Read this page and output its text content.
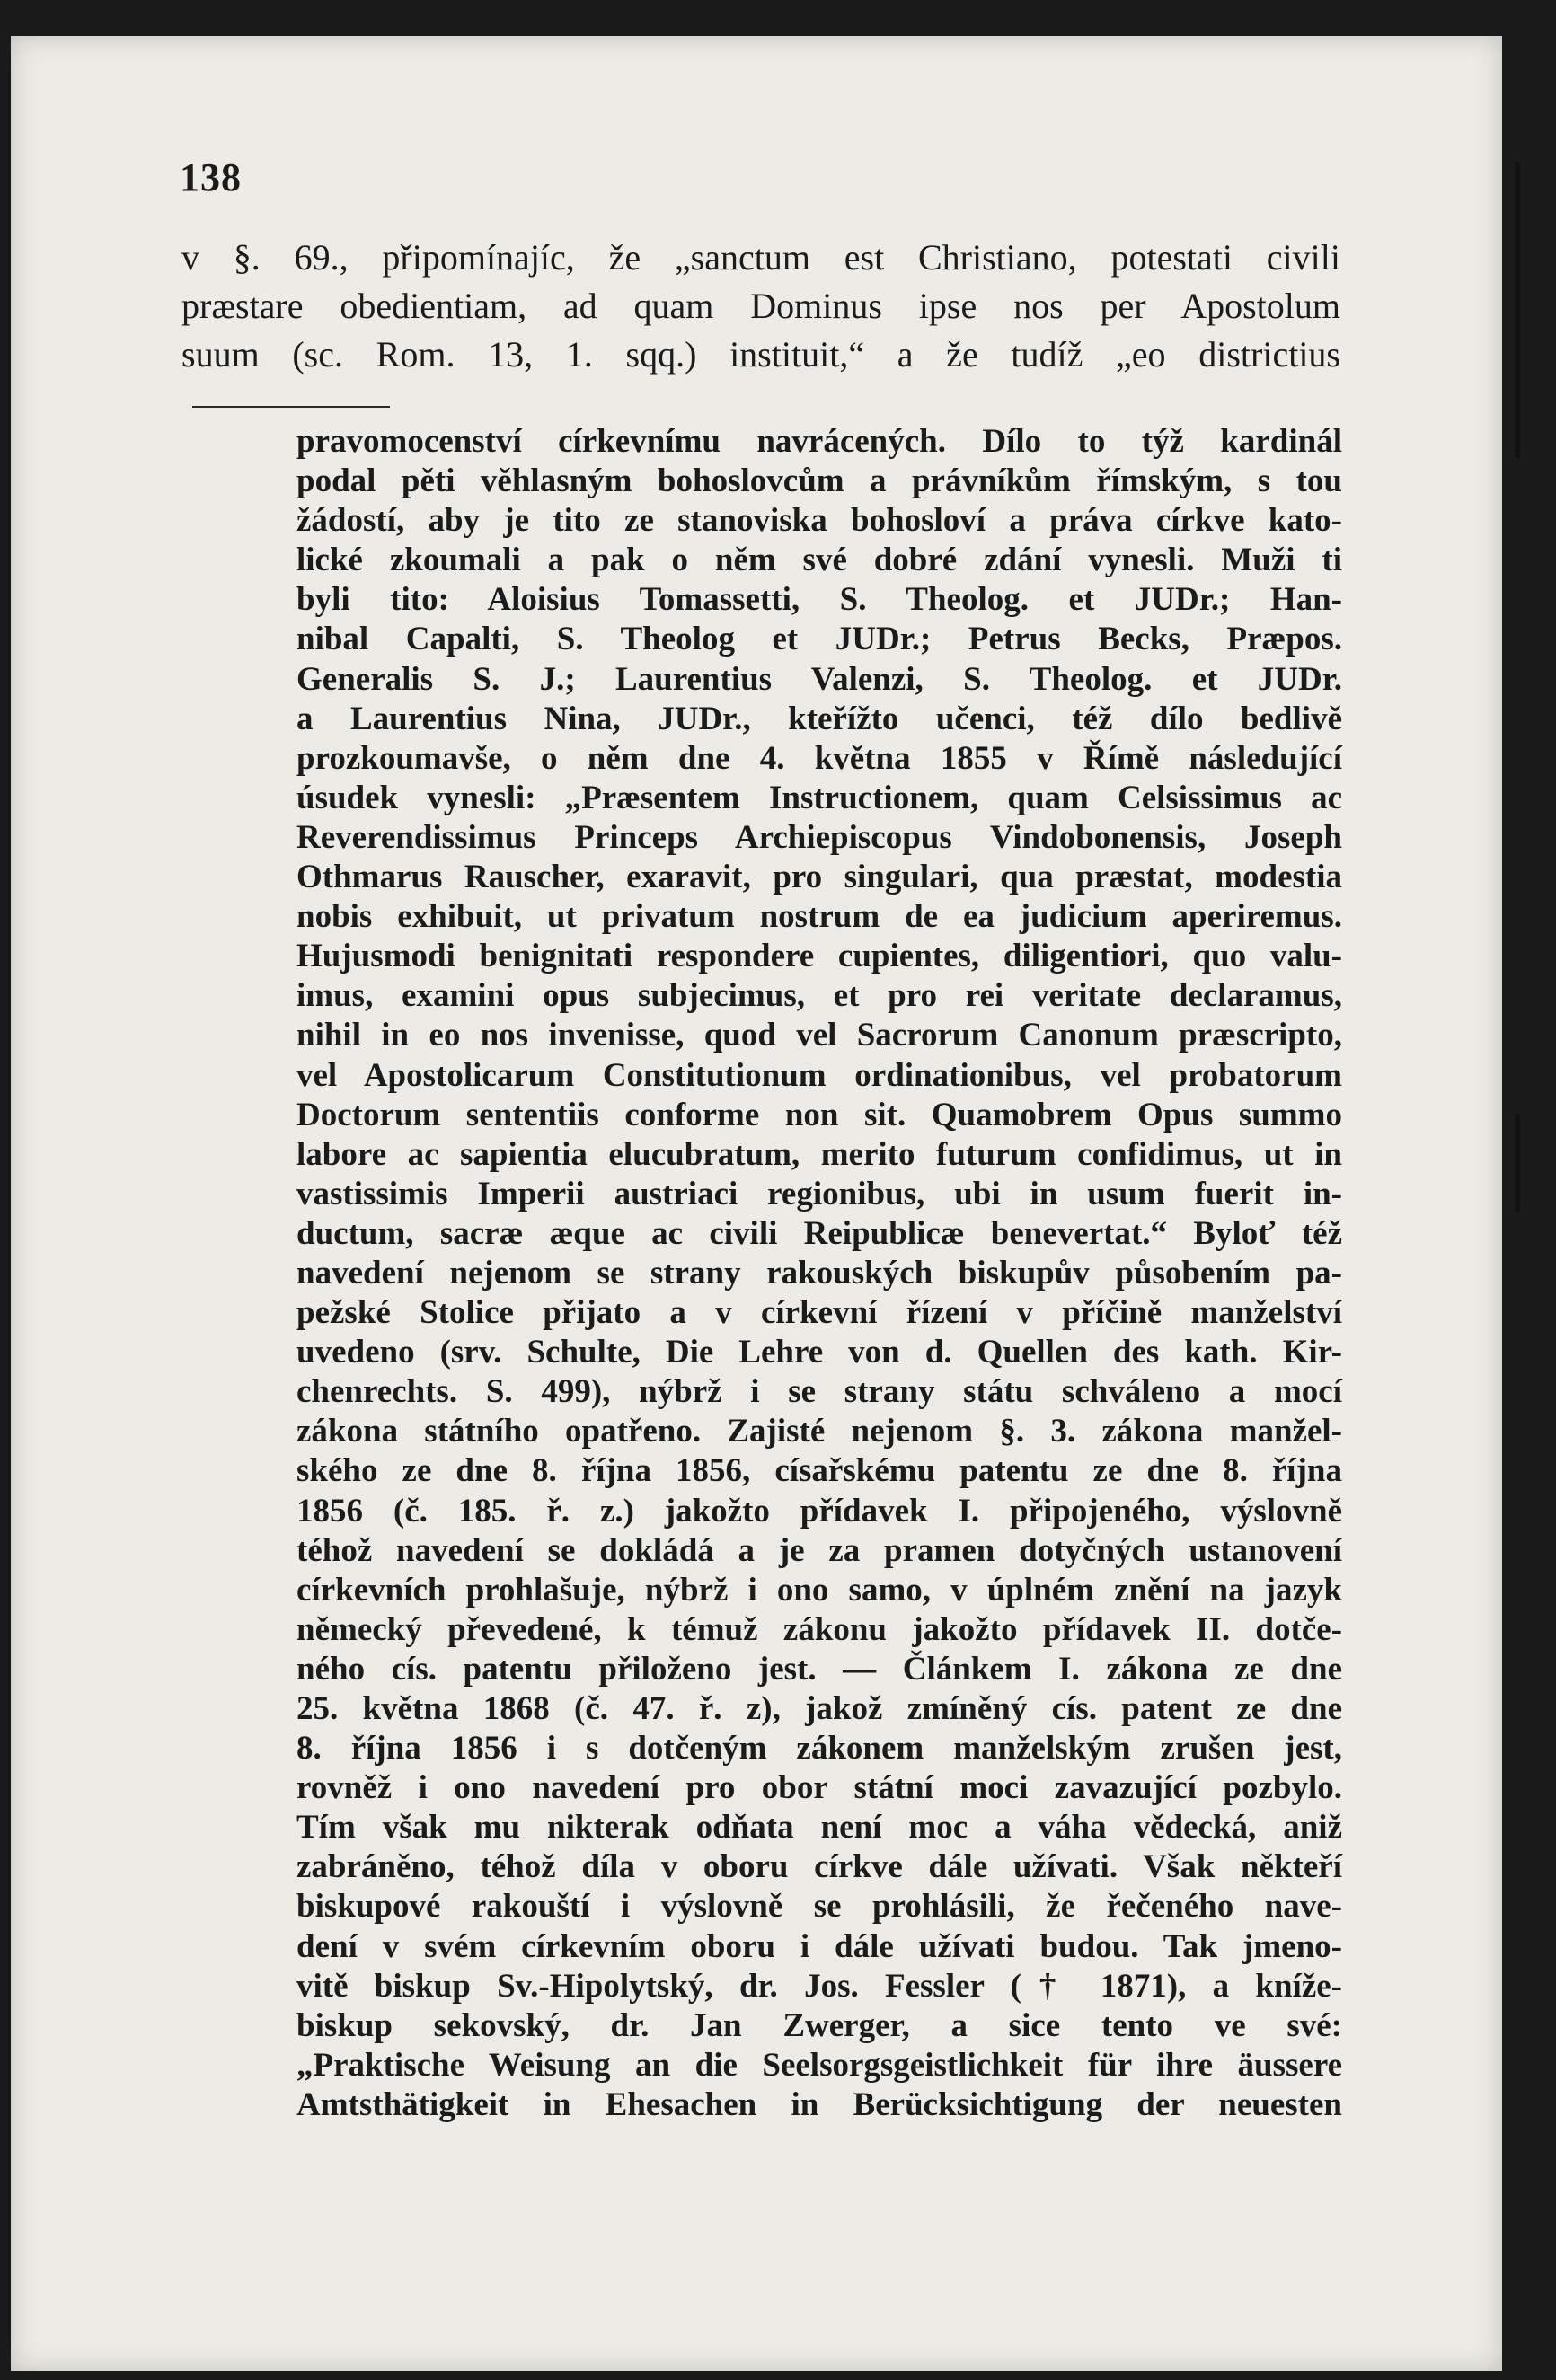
138
v §. 69., připomínajíc, že „sanctum est Christiano, potestati civili
præstare obedientiam, ad quam Dominus ipse nos per Apostolum
suum (sc. Rom. 13, 1. sqq.) instituit,“ a že tudíž „eo districtius
pravomocenství církevnímu navrácených. Dílo to týž kardinál
podal pěti věhlasným bohoslovcům a právníkům římským, s tou
žádostí, aby je tito ze stanoviska bohosloví a práva církve kato-
lické zkoumali a pak o něm své dobré zdání vynesli. Muži ti
byli tito: Aloisius Tomassetti, S. Theolog. et JUDr.; Han-
nibal Capalti, S. Theolog et JUDr.; Petrus Becks, Præpos.
Generalis S. J.; Laurentius Valenzi, S. Theolog. et JUDr.
a Laurentius Nina, JUDr., kteřížto učenci, též dílo bedlivě
prozkoumavše, o něm dne 4. května 1855 v Římě následující
úsudek vynesli: „Præsentem Instructionem, quam Celsissimus ac
Reverendissimus Princeps Archiepiscopus Vindobonensis, Joseph
Othmarus Rauscher, exaravit, pro singulari, qua præstat, modestia
nobis exhibuit, ut privatum nostrum de ea judicium aperiremus.
Hujusmodi benignitati respondere cupientes, diligentiori, quo valu-
imus, examini opus subjecimus, et pro rei veritate declaramus,
nihil in eo nos invenisse, quod vel Sacrorum Canonum præscripto,
vel Apostolicarum Constitutionum ordinationibus, vel probatorum
Doctorum sententiis conforme non sit. Quamobrem Opus summo
labore ac sapientia elucubratum, merito futurum confidimus, ut in
vastissimis Imperii austriaci regionibus, ubi in usum fuerit in-
ductum, sacræ æque ac civili Reipublicæ benevertat.“ Byloť též
navedení nejenom se strany rakouských biskupův působením pa-
pežské Stolice přijato a v církevní řízení v příčině manželství
uvedeno (srv. Schulte, Die Lehre von d. Quellen des kath. Kir-
chenrechts. S. 499), nýbrž i se strany státu schváleno a mocí
zákona státního opatřeno. Zajisté nejenom §. 3. zákona manžel-
ského ze dne 8. října 1856, císařskému patentu ze dne 8. října
1856 (č. 185. ř. z.) jakožto přídavek I. připojeného, výslovně
téhož navedení se dokládá a je za pramen dotyčných ustanovení
církevních prohlašuje, nýbrž i ono samo, v úplném znění na jazyk
německý převedené, k témuž zákonu jakožto přídavek II. dotče-
ného cís. patentu přiloženo jest. — Článkem I. zákona ze dne
25. května 1868 (č. 47. ř. z), jakož zmíněný cís. patent ze dne
8. října 1856 i s dotčeným zákonem manželským zrušen jest,
rovněž i ono navedení pro obor státní moci zavazující pozbylo.
Tím však mu nikterak odňata není moc a váha vědecká, aniž
zabráněno, téhož díla v oboru církve dále užívati. Však někteří
biskupové rakouští i výslovně se prohlásili, že řečeného nave-
dení v svém církevním oboru i dále užívati budou. Tak jmeno-
vitě biskup Sv.-Hipolytský, dr. Jos. Fessler († 1871), a kníže-
biskup sekovský, dr. Jan Zwerger, a sice tento ve své:
„Praktische Weisung an die Seelsorgsgeistlichkeit für ihre äussere
Amtsthätigkeit in Ehesachen in Berücksichtigung der neuesten
